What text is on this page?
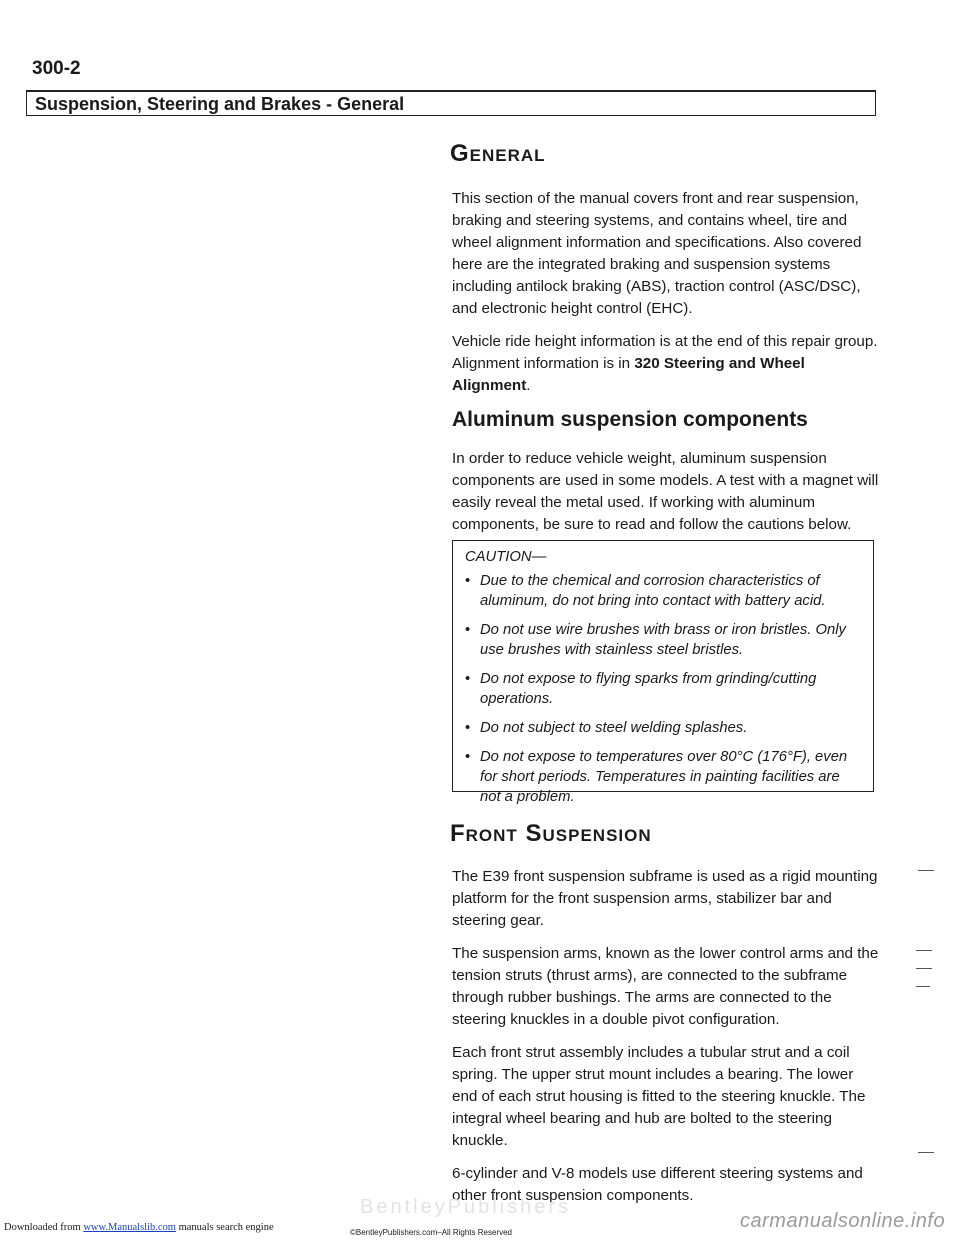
300-2
Suspension, Steering and Brakes - General
General

This section of the manual covers front and rear suspension, braking and steering systems, and contains wheel, tire and wheel alignment information and specifications. Also covered here are the integrated braking and suspension systems including antilock braking (ABS), traction control (ASC/DSC), and electronic height control (EHC).

Vehicle ride height information is at the end of this repair group. Alignment information is in 320 Steering and Wheel Alignment.

Aluminum suspension components

In order to reduce vehicle weight, aluminum suspension components are used in some models. A test with a magnet will easily reveal the metal used. If working with aluminum components, be sure to read and follow the cautions below.

CAUTION—
• Due to the chemical and corrosion characteristics of aluminum, do not bring into contact with battery acid.
• Do not use wire brushes with brass or iron bristles. Only use brushes with stainless steel bristles.
• Do not expose to flying sparks from grinding/cutting operations.
• Do not subject to steel welding splashes.
• Do not expose to temperatures over 80°C (176°F), even for short periods. Temperatures in painting facilities are not a problem.
Front Suspension

The E39 front suspension subframe is used as a rigid mounting platform for the front suspension arms, stabilizer bar and steering gear.

The suspension arms, known as the lower control arms and the tension struts (thrust arms), are connected to the subframe through rubber bushings. The arms are connected to the steering knuckles in a double pivot configuration.

Each front strut assembly includes a tubular strut and a coil spring. The upper strut mount includes a bearing. The lower end of each strut housing is fitted to the steering knuckle. The integral wheel bearing and hub are bolted to the steering knuckle.

6-cylinder and V-8 models use different steering systems and other front suspension components.

BentleyPublishers
Downloaded from www.Manualslib.com manuals search engine	©BentleyPublishers.com–All Rights Reserved
carmanualsonline.info
